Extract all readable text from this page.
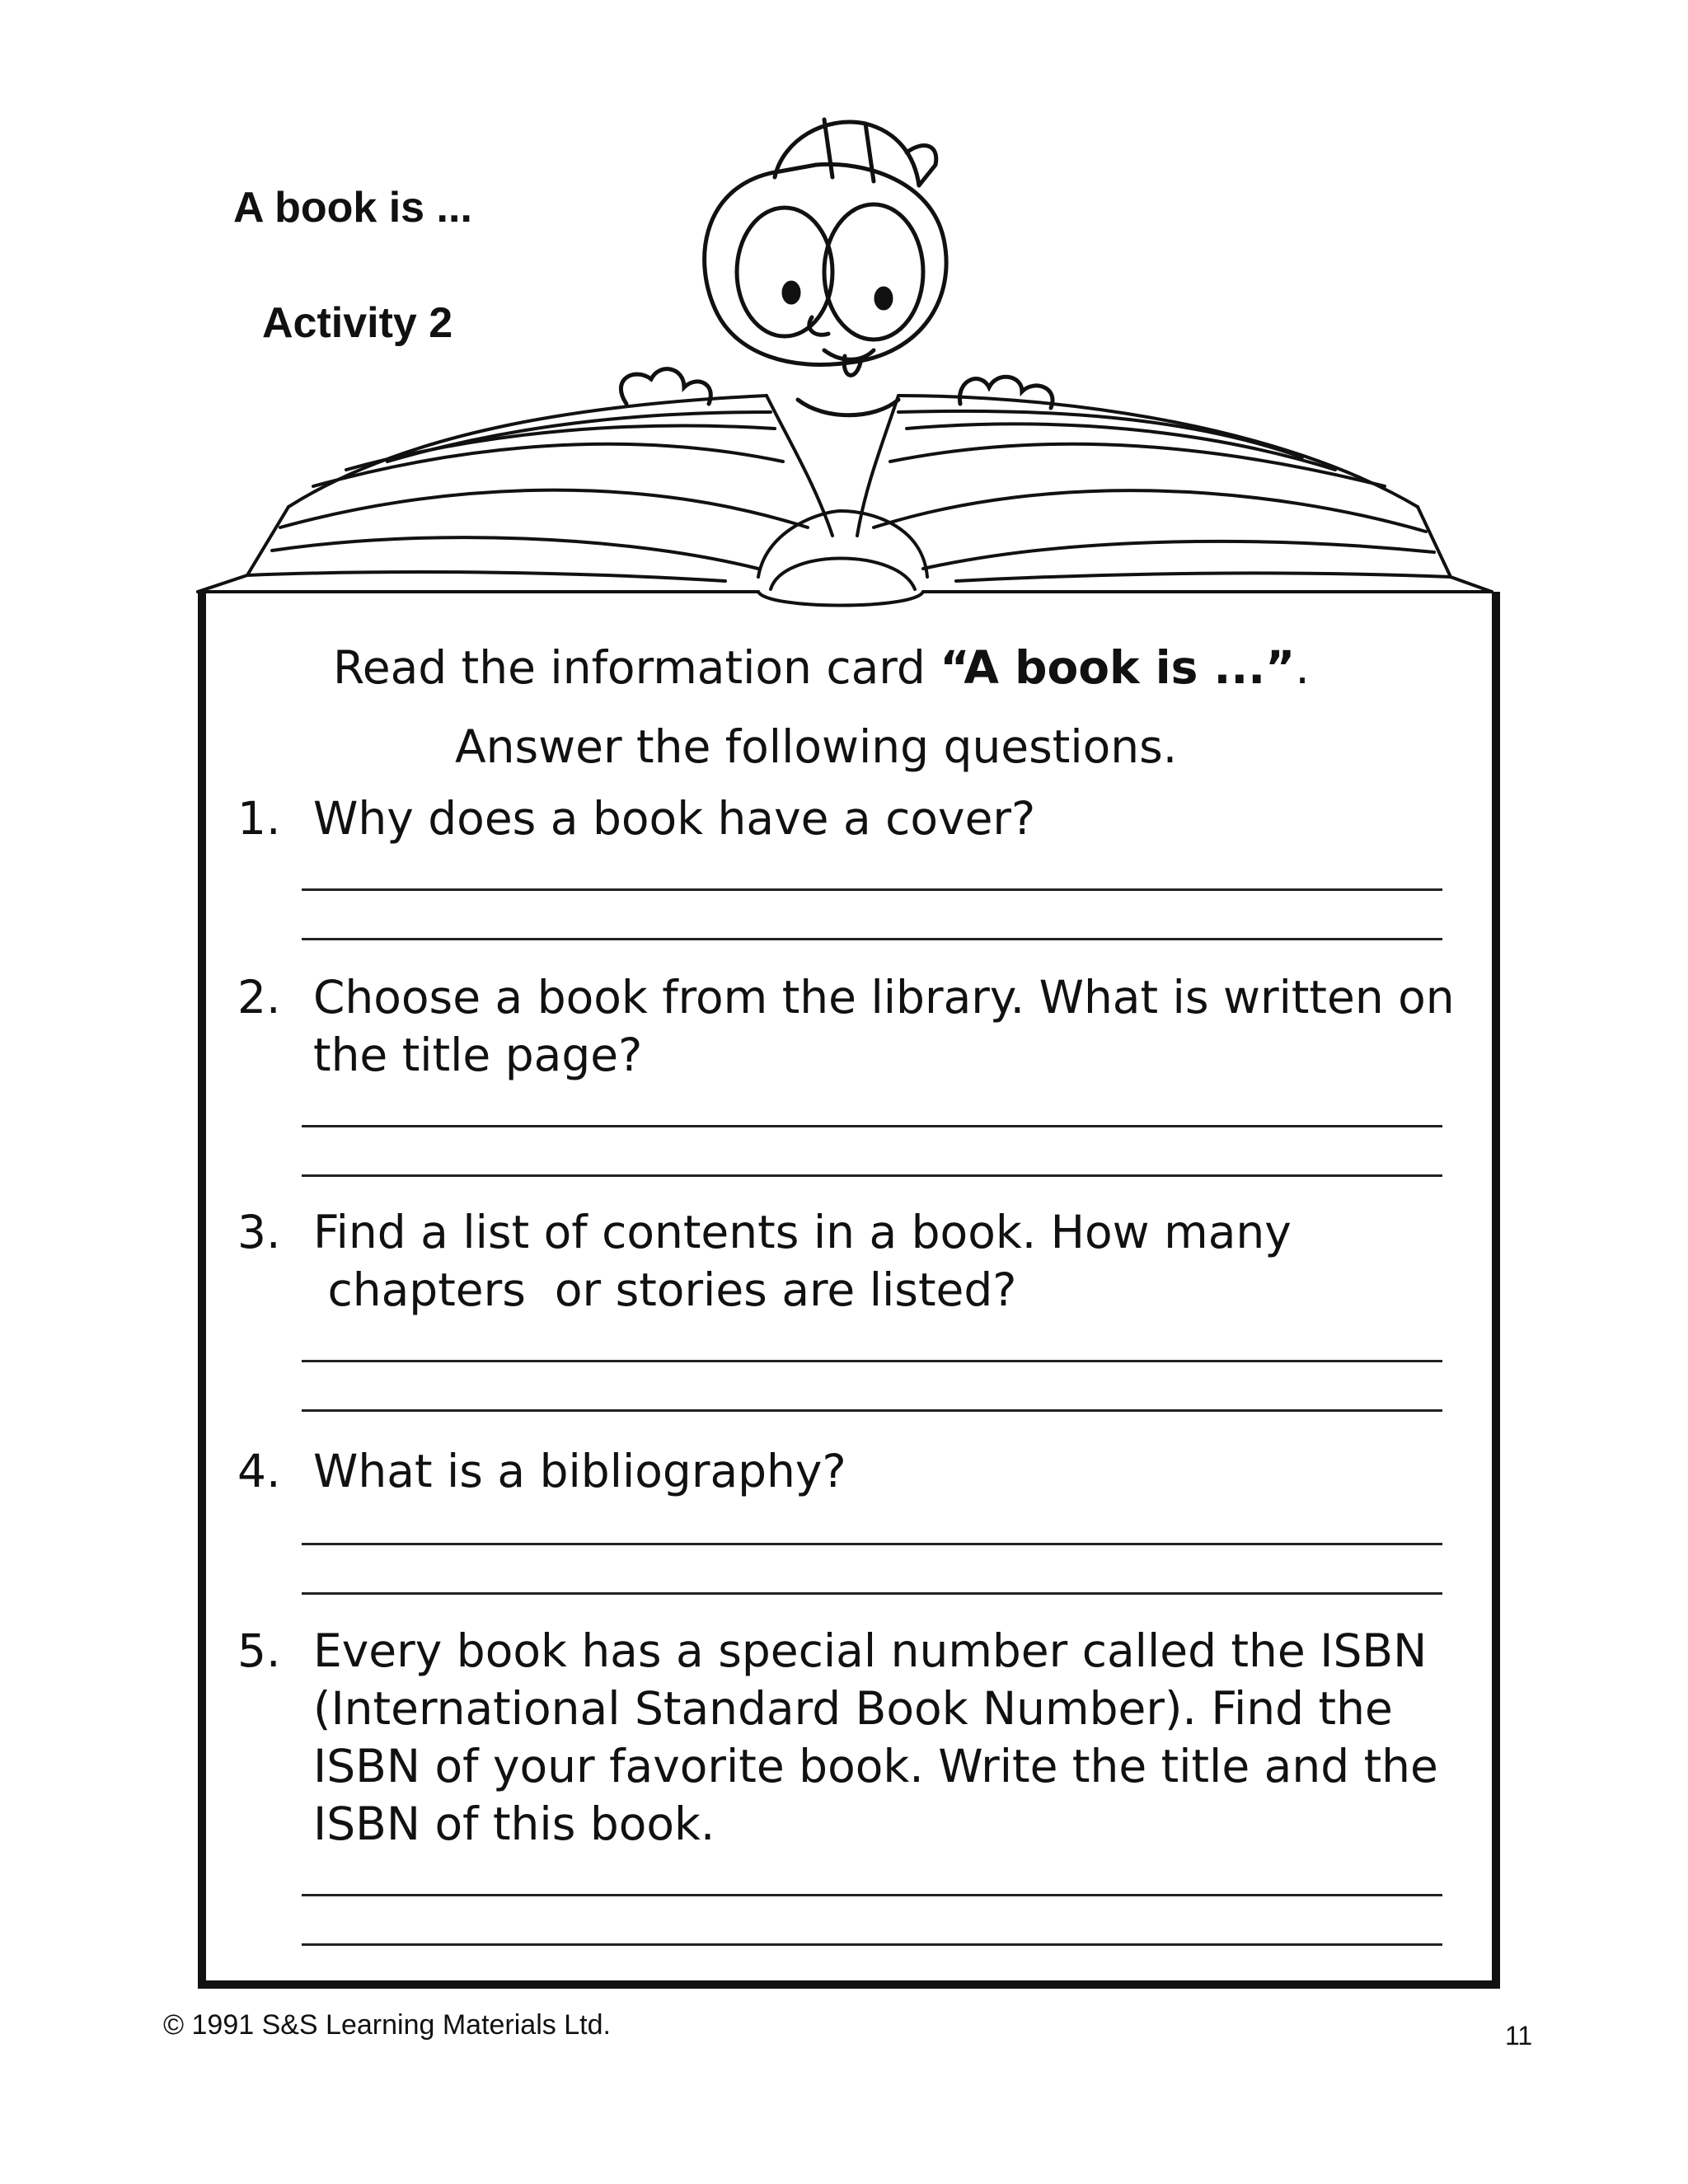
A book is ...
Activity 2
Read the information card “A book is ...”.
Answer the following questions.
1. Why does a book have a cover?
2. Choose a book from the library. What is written on the title page?
3. Find a list of contents in a book. How many
chapters  or stories are listed?
4. What is a bibliography?
5. Every book has a special number called the ISBN (International Standard Book Number). Find the ISBN of your favorite book. Write the title and the ISBN of this book.
© 1991 S&S Learning Materials Ltd.	11
